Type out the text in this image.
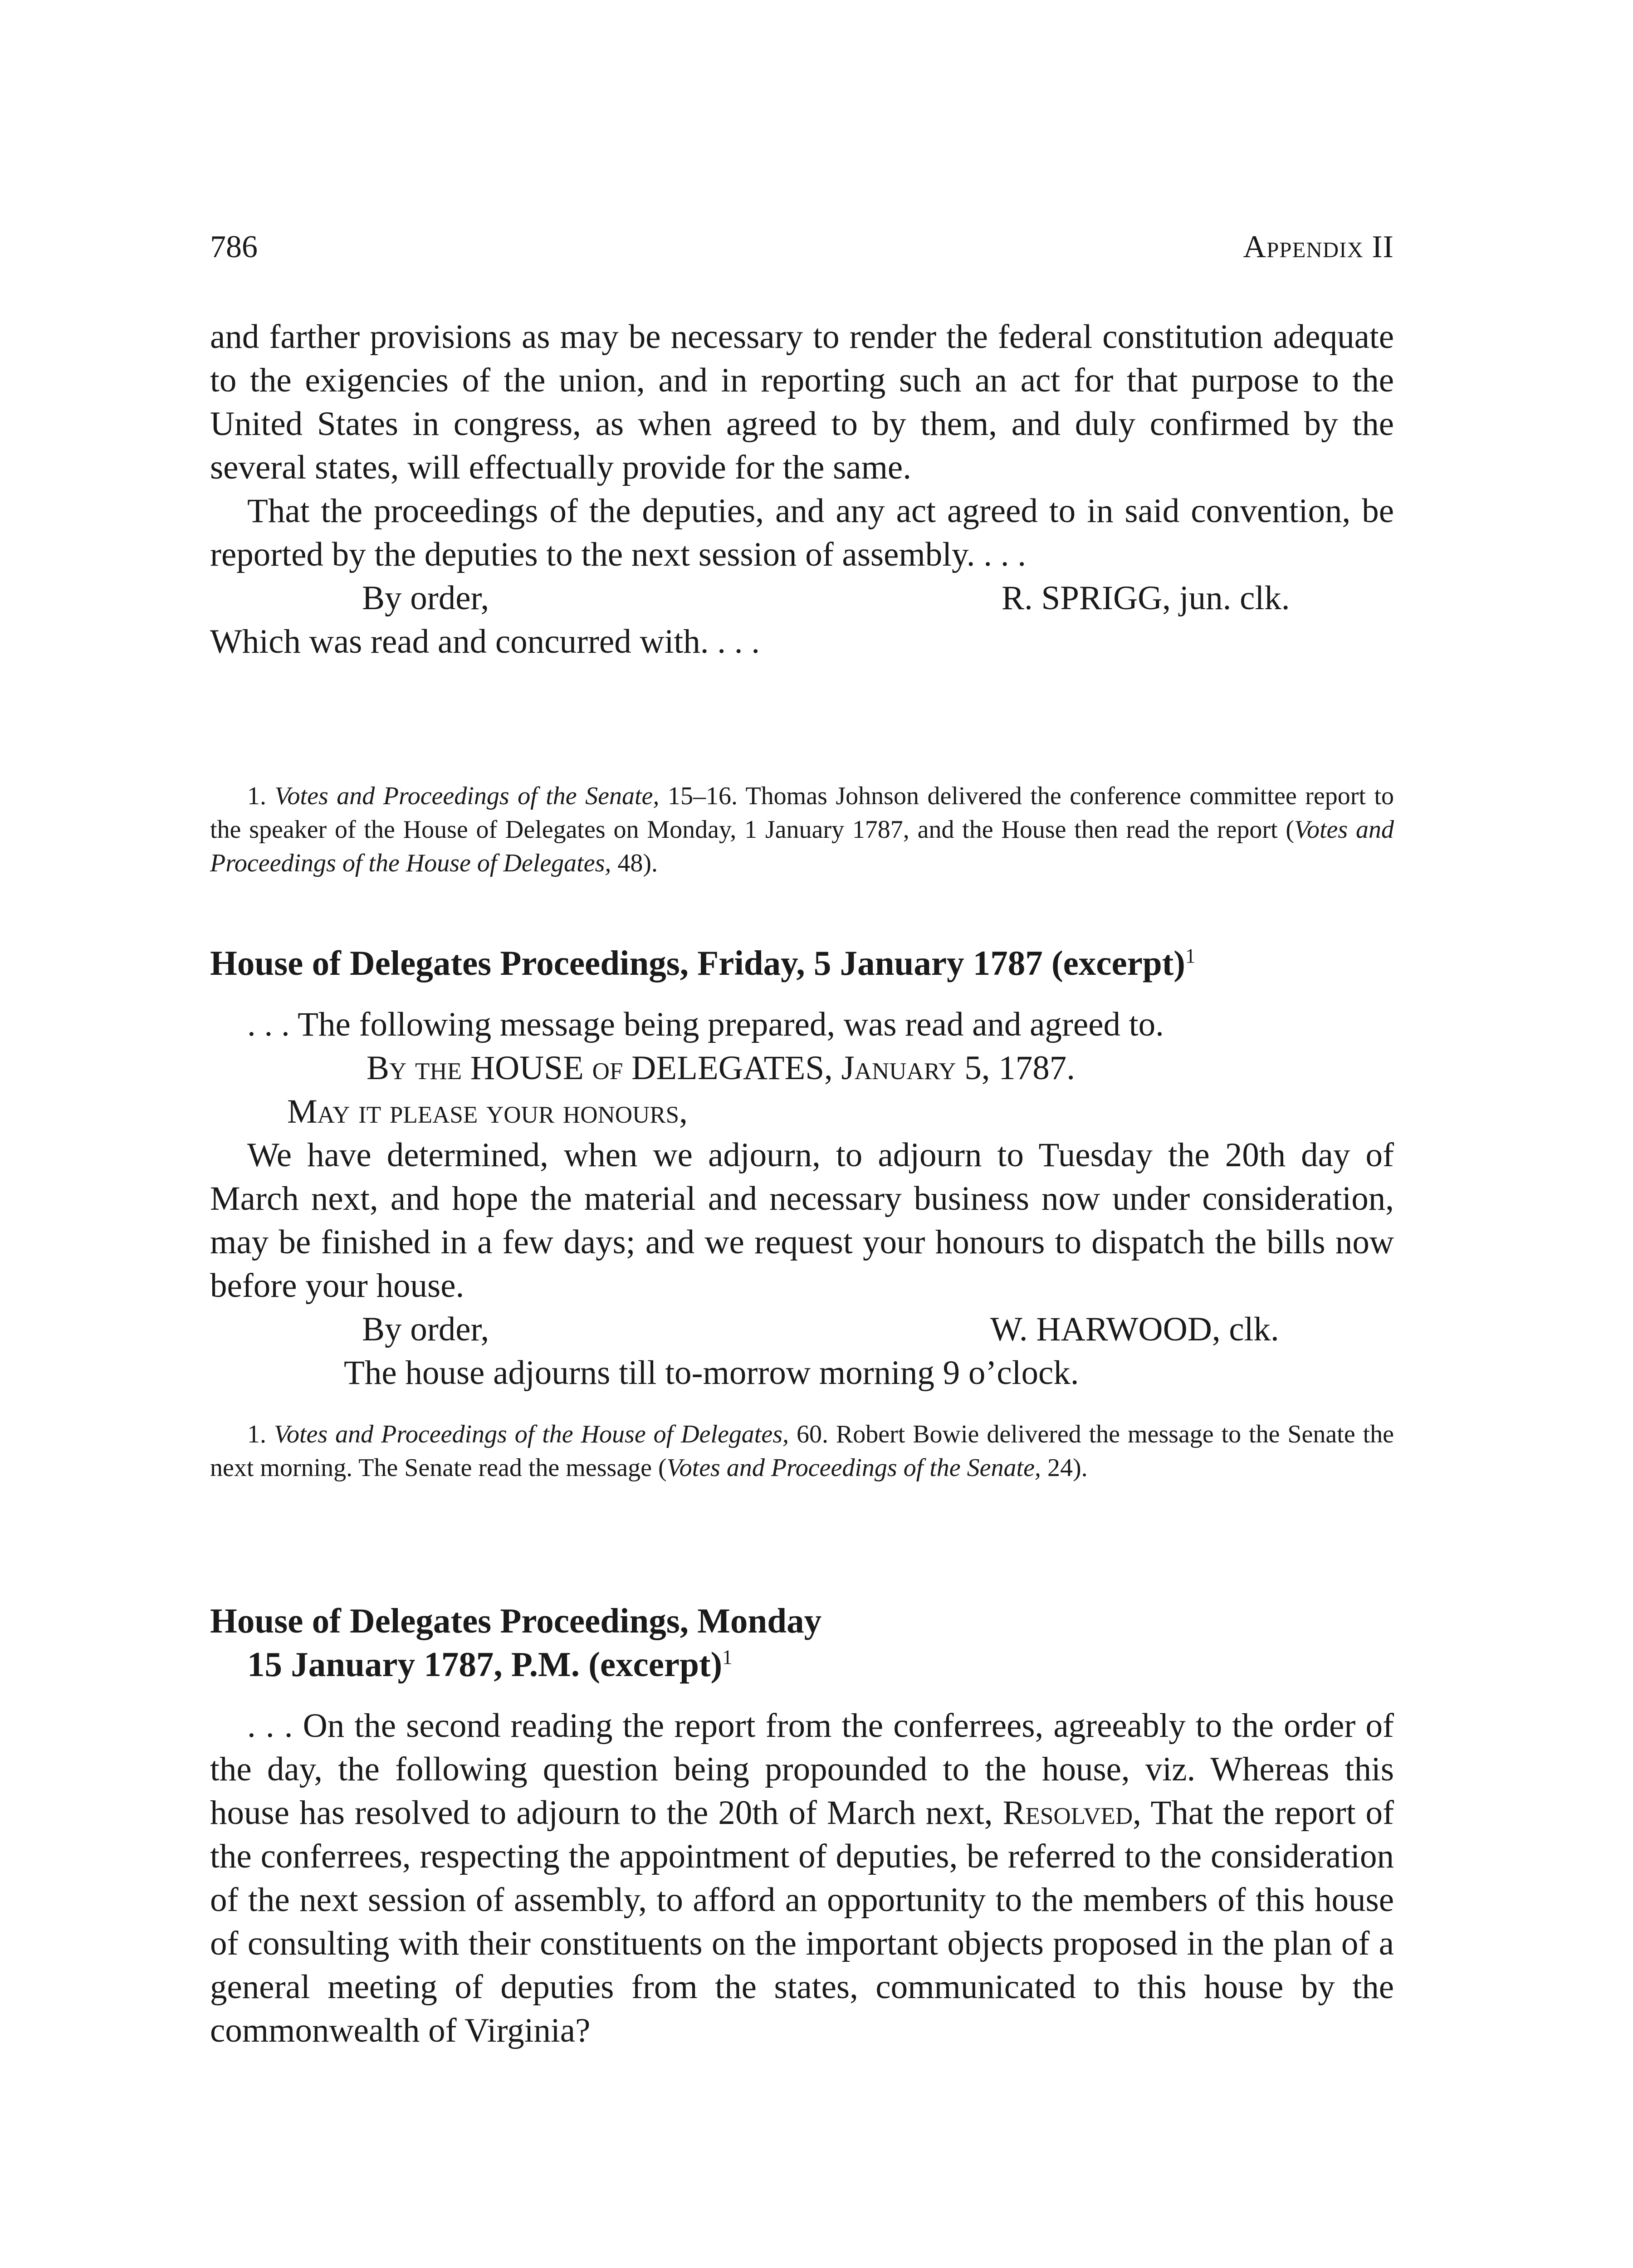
786	Appendix II

and farther provisions as may be necessary to render the federal constitution adequate to the exigencies of the union, and in reporting such an act for that purpose to the United States in congress, as when agreed to by them, and duly confirmed by the several states, will effectually provide for the same.

That the proceedings of the deputies, and any act agreed to in said convention, be reported by the deputies to the next session of assembly. . . .

By order,	R. SPRIGG, jun. clk.

Which was read and concurred with. . . .

1. Votes and Proceedings of the Senate, 15–16. Thomas Johnson delivered the conference committee report to the speaker of the House of Delegates on Monday, 1 January 1787, and the House then read the report (Votes and Proceedings of the House of Delegates, 48).

House of Delegates Proceedings, Friday, 5 January 1787 (excerpt)$^1$

. . . The following message being prepared, was read and agreed to.

By the HOUSE of DELEGATES, January 5, 1787.

May it please your honours,

We have determined, when we adjourn, to adjourn to Tuesday the 20th day of March next, and hope the material and necessary business now under consideration, may be finished in a few days; and we request your honours to dispatch the bills now before your house.

By order,	W. HARWOOD, clk.

The house adjourns till to-morrow morning 9 o’clock.

1. Votes and Proceedings of the House of Delegates, 60. Robert Bowie delivered the message to the Senate the next morning. The Senate read the message (Votes and Proceedings of the Senate, 24).

House of Delegates Proceedings, Monday
15 January 1787, P.M. (excerpt)$^1$

. . . On the second reading the report from the conferrees, agreeably to the order of the day, the following question being propounded to the house, viz. Whereas this house has resolved to adjourn to the 20th of March next, Resolved, That the report of the conferrees, respecting the appointment of deputies, be referred to the consideration of the next session of assembly, to afford an opportunity to the members of this house of consulting with their constituents on the important objects proposed in the plan of a general meeting of deputies from the states, communicated to this house by the commonwealth of Virginia?
